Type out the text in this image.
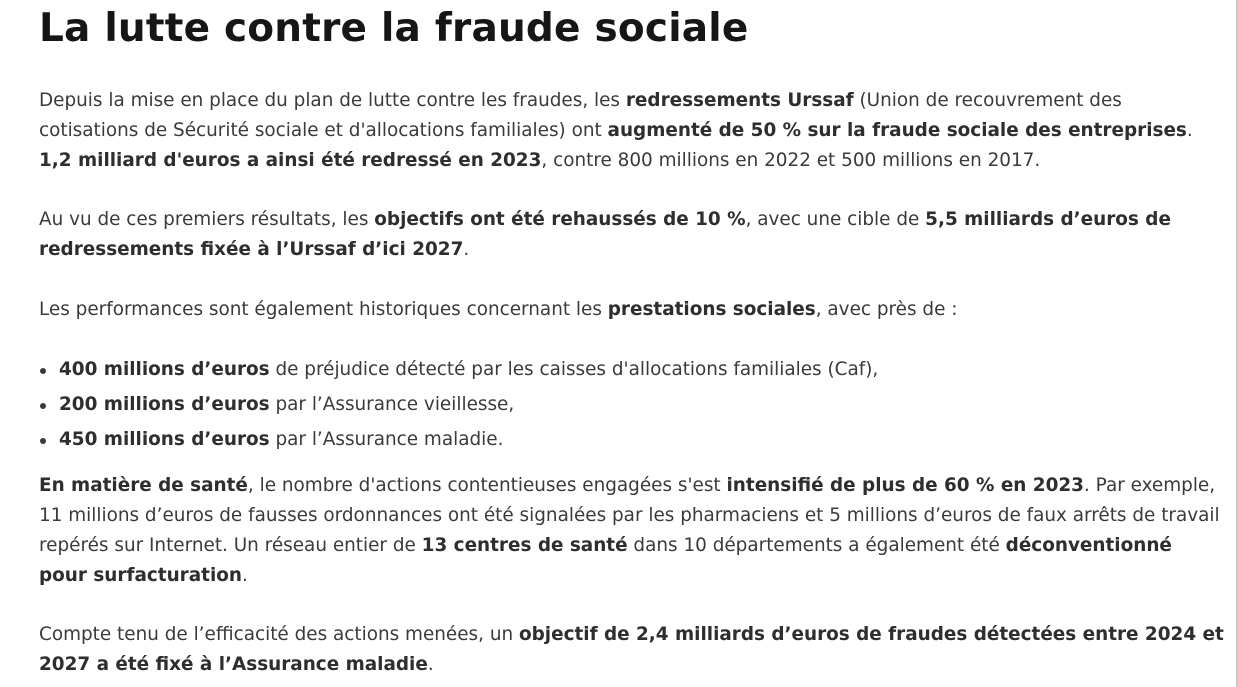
La lutte contre la fraude sociale

Depuis la mise en place du plan de lutte contre les fraudes, les redressements Urssaf (Union de recouvrement des cotisations de Sécurité sociale et d'allocations familiales) ont augmenté de 50 % sur la fraude sociale des entreprises. 1,2 milliard d'euros a ainsi été redressé en 2023, contre 800 millions en 2022 et 500 millions en 2017.

Au vu de ces premiers résultats, les objectifs ont été rehaussés de 10 %, avec une cible de 5,5 milliards d’euros de redressements fixée à l’Urssaf d’ici 2027.

Les performances sont également historiques concernant les prestations sociales, avec près de :

400 millions d’euros de préjudice détecté par les caisses d'allocations familiales (Caf),
200 millions d’euros par l’Assurance vieillesse,
450 millions d’euros par l’Assurance maladie.

En matière de santé, le nombre d'actions contentieuses engagées s'est intensifié de plus de 60 % en 2023. Par exemple, 11 millions d’euros de fausses ordonnances ont été signalées par les pharmaciens et 5 millions d’euros de faux arrêts de travail repérés sur Internet. Un réseau entier de 13 centres de santé dans 10 départements a également été déconventionné pour surfacturation.

Compte tenu de l’efficacité des actions menées, un objectif de 2,4 milliards d’euros de fraudes détectées entre 2024 et 2027 a été fixé à l’Assurance maladie.
